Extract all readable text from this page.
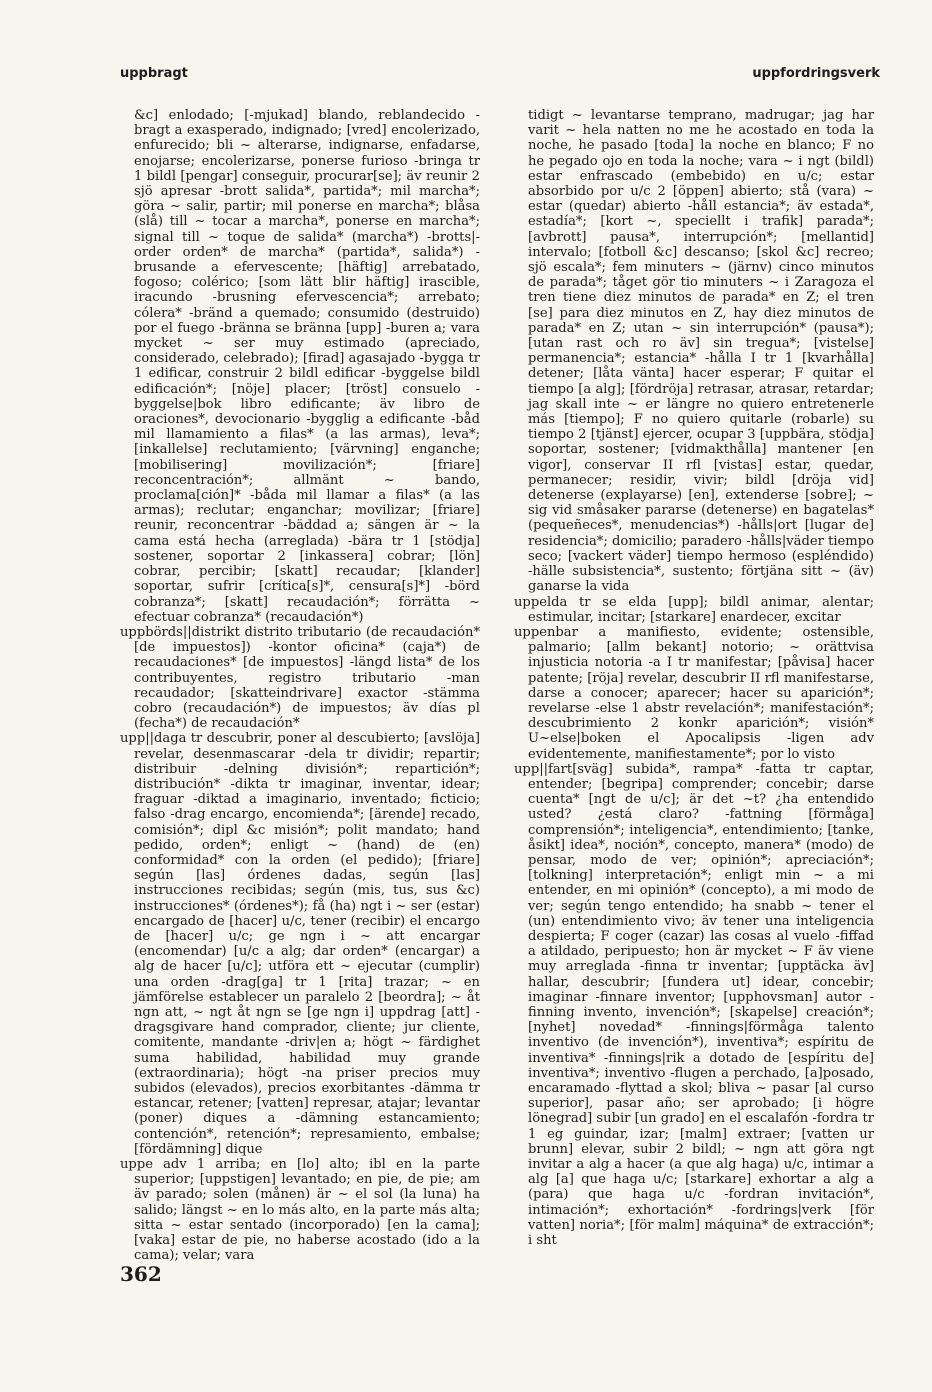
uppbragt	uppfordringsverk

&c] enlodado; [-mjukad] blando, reblandecido -bragt a exasperado, indignado; [vred] encolerizado, enfurecido; bli ~ alterarse, indignarse, enfadarse, enojarse; encolerizarse, ponerse furioso -bringa tr 1 bildl [pengar] conseguir, procurar[se]; äv reunir 2 sjö apresar -brott salida*, partida*; mil marcha*; göra ~ salir, partir; mil ponerse en marcha*; blåsa (slå) till ~ tocar a marcha*, ponerse en marcha*; signal till ~ toque de salida* (marcha*) -brotts|-order orden* de marcha* (partida*, salida*) -brusande a efervescente; [häftig] arrebatado, fogoso; colérico; [som lätt blir häftig] irascible, iracundo -brusning efervescencia*; arrebato; cólera* -bränd a quemado; consumido (destruido) por el fuego -bränna se bränna [upp] -buren a; vara mycket ~ ser muy estimado (apreciado, considerado, celebrado); [firad] agasajado -bygga tr 1 edificar, construir 2 bildl edificar -byggelse bildl edificación*; [nöje] placer; [tröst] consuelo -byggelse|bok libro edificante; äv libro de oraciones*, devocionario -bygglig a edificante -båd mil llamamiento a filas* (a las armas), leva*; [inkallelse] reclutamiento; [värvning] enganche; [mobilisering] movilización*; [friare] reconcentración*; allmänt ~ bando, proclama[ción]* -båda mil llamar a filas* (a las armas); reclutar; enganchar; movilizar; [friare] reunir, reconcentrar -bäddad a; sängen är ~ la cama está hecha (arreglada) -bära tr 1 [stödja] sostener, soportar 2 [inkassera] cobrar; [lön] cobrar, percibir; [skatt] recaudar; [klander] soportar, sufrir [crítica[s]*, censura[s]*] -börd cobranza*; [skatt] recaudación*; förrätta ~ efectuar cobranza* (recaudación*)

uppbörds||distrikt distrito tributario (de recaudación* [de impuestos]) -kontor oficina* (caja*) de recaudaciones* [de impuestos] -längd lista* de los contribuyentes, registro tributario -man recaudador; [skatteindrivare] exactor -stämma cobro (recaudación*) de impuestos; äv días pl (fecha*) de recaudación*

upp||daga tr descubrir, poner al descubierto; [avslöja] revelar, desenmascarar -dela tr dividir; repartir; distribuir -delning división*; repartición*; distribución* -dikta tr imaginar, inventar, idear; fraguar -diktad a imaginario, inventado; ficticio; falso -drag encargo, encomienda*; [ärende] recado, comisión*; dipl &c misión*; polit mandato; hand pedido, orden*; enligt ~ (hand) de (en) conformidad* con la orden (el pedido); [friare] según [las] órdenes dadas, según [las] instrucciones recibidas; según (mis, tus, sus &c) instrucciones* (órdenes*); få (ha) ngt i ~ ser (estar) encargado de [hacer] u/c, tener (recibir) el encargo de [hacer] u/c; ge ngn i ~ att encargar (encomendar) [u/c a alg; dar orden* (encargar) a alg de hacer [u/c]; utföra ett ~ ejecutar (cumplir) una orden -drag[ga] tr 1 [rita] trazar; ~ en jämförelse establecer un paralelo 2 [beordra]; ~ åt ngn att, ~ ngt åt ngn se [ge ngn i] uppdrag [att] -dragsgivare hand comprador, cliente; jur cliente, comitente, mandante -driv|en a; högt ~ färdighet suma habilidad, habilidad muy grande (extraordinaria); högt -na priser precios muy subidos (elevados), precios exorbitantes -dämma tr estancar, retener; [vatten] represar, atajar; levantar (poner) diques a -dämning estancamiento; contención*, retención*; represamiento, embalse; [fördämning] dique

uppe adv 1 arriba; en [lo] alto; ibl en la parte superior; [uppstigen] levantado; en pie, de pie; am äv parado; solen (månen) är ~ el sol (la luna) ha salido; längst ~ en lo más alto, en la parte más alta; sitta ~ estar sentado (incorporado) [en la cama]; [vaka] estar de pie, no haberse acostado (ido a la cama); velar; vara

tidigt ~ levantarse temprano, madrugar; jag har varit ~ hela natten no me he acostado en toda la noche, he pasado [toda] la noche en blanco; F no he pegado ojo en toda la noche; vara ~ i ngt (bildl) estar enfrascado (embebido) en u/c; estar absorbido por u/c 2 [öppen] abierto; stå (vara) ~ estar (quedar) abierto -håll estancia*; äv estada*, estadía*; [kort ~, speciellt i trafik] parada*; [avbrott] pausa*, interrupción*; [mellantid] intervalo; [fotboll &c] descanso; [skol &c] recreo; sjö escala*; fem minuters ~ (järnv) cinco minutos de parada*; tåget gör tio minuters ~ i Zaragoza el tren tiene diez minutos de parada* en Z; el tren [se] para diez minutos en Z, hay diez minutos de parada* en Z; utan ~ sin interrupción* (pausa*); [utan rast och ro äv] sin tregua*; [vistelse] permanencia*; estancia* -hålla I tr 1 [kvarhålla] detener; [låta vänta] hacer esperar; F quitar el tiempo [a alg]; [fördröja] retrasar, atrasar, retardar; jag skall inte ~ er längre no quiero entretenerle más [tiempo]; F no quiero quitarle (robarle) su tiempo 2 [tjänst] ejercer, ocupar 3 [uppbära, stödja] soportar, sostener; [vidmakthålla] mantener [en vigor], conservar II rfl [vistas] estar, quedar, permanecer; residir, vivir; bildl [dröja vid] detenerse (explayarse) [en], extenderse [sobre]; ~ sig vid småsaker pararse (detenerse) en bagatelas* (pequeñeces*, menudencias*) -hålls|ort [lugar de] residencia*; domicilio; paradero -hålls|väder tiempo seco; [vackert väder] tiempo hermoso (espléndido) -hälle subsistencia*, sustento; förtjäna sitt ~ (äv) ganarse la vida

uppelda tr se elda [upp]; bildl animar, alentar; estimular, incitar; [starkare] enardecer, excitar

uppenbar a manifiesto, evidente; ostensible, palmario; [allm bekant] notorio; ~ orättvisa injusticia notoria -a I tr manifestar; [påvisa] hacer patente; [röja] revelar, descubrir II rfl manifestarse, darse a conocer; aparecer; hacer su aparición*; revelarse -else 1 abstr revelación*; manifestación*; descubrimiento 2 konkr aparición*; visión* U~else|boken el Apocalipsis -ligen adv evidentemente, manifiestamente*; por lo visto

upp||fart[sväg] subida*, rampa* -fatta tr captar, entender; [begripa] comprender; concebir; darse cuenta* [ngt de u/c]; är det ~t? ¿ha entendido usted? ¿está claro? -fattning [förmåga] comprensión*; inteligencia*, entendimiento; [tanke, åsikt] idea*, noción*, concepto, manera* (modo) de pensar, modo de ver; opinión*; apreciación*; [tolkning] interpretación*; enligt min ~ a mi entender, en mi opinión* (concepto), a mi modo de ver; según tengo entendido; ha snabb ~ tener el (un) entendimiento vivo; äv tener una inteligencia despierta; F coger (cazar) las cosas al vuelo -fiffad a atildado, peripuesto; hon är mycket ~ F äv viene muy arreglada -finna tr inventar; [upptäcka äv] hallar, descubrir; [fundera ut] idear, concebir; imaginar -finnare inventor; [upphovsman] autor -finning invento, invención*; [skapelse] creación*; [nyhet] novedad* -finnings|förmåga talento inventivo (de invención*), inventiva*; espíritu de inventiva* -finnings|rik a dotado de [espíritu de] inventiva*; inventivo -flugen a perchado, [a]posado, encaramado -flyttad a skol; bliva ~ pasar [al curso superior], pasar año; ser aprobado; [i högre lönegrad] subir [un grado] en el escalafón -fordra tr 1 eg guindar, izar; [malm] extraer; [vatten ur brunn] elevar, subir 2 bildl; ~ ngn att göra ngt invitar a alg a hacer (a que alg haga) u/c, intimar a alg [a] que haga u/c; [starkare] exhortar a alg a (para) que haga u/c -fordran invitación*, intimación*; exhortación* -fordrings|verk [för vatten] noria*; [för malm] máquina* de extracción*; i sht

362
